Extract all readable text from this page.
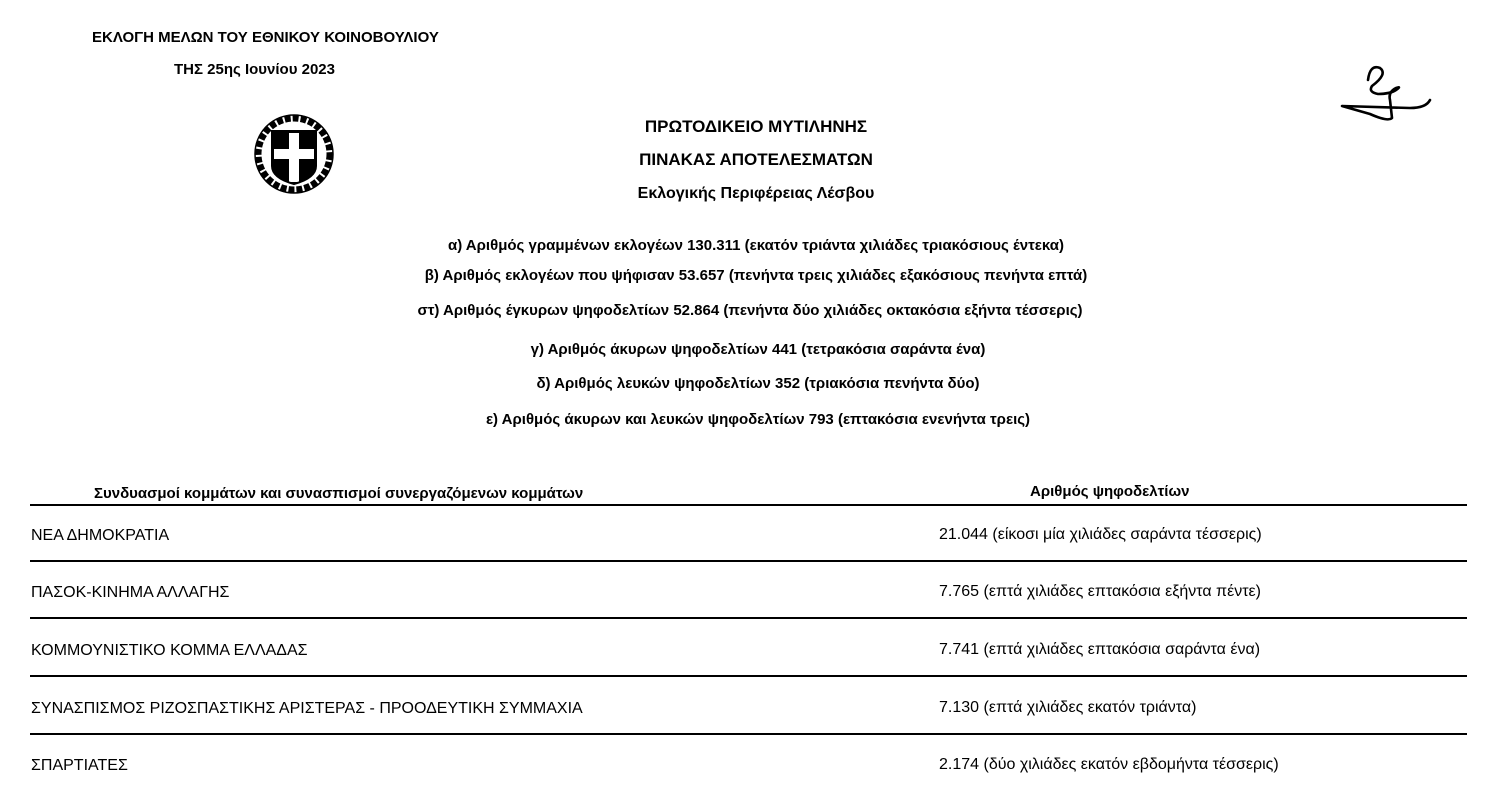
ΕΚΛΟΓΗ ΜΕΛΩΝ ΤΟΥ ΕΘΝΙΚΟΥ ΚΟΙΝΟΒΟΥΛΙΟΥ
ΤΗΣ 25ης Ιουνίου 2023
ΠΡΩΤΟΔΙΚΕΙΟ ΜΥΤΙΛΗΝΗΣ
ΠΙΝΑΚΑΣ ΑΠΟΤΕΛΕΣΜΑΤΩΝ
Εκλογικής Περιφέρειας Λέσβου
α) Αριθμός γραμμένων εκλογέων 130.311 (εκατόν τριάντα χιλιάδες τριακόσιους έντεκα)
β) Αριθμός εκλογέων που ψήφισαν 53.657 (πενήντα τρεις χιλιάδες εξακόσιους πενήντα επτά)
στ) Αριθμός έγκυρων ψηφοδελτίων 52.864 (πενήντα δύο χιλιάδες οκτακόσια εξήντα τέσσερις)
γ) Αριθμός άκυρων ψηφοδελτίων 441 (τετρακόσια σαράντα ένα)
δ) Αριθμός λευκών ψηφοδελτίων 352 (τριακόσια πενήντα δύο)
ε) Αριθμός άκυρων και λευκών ψηφοδελτίων 793 (επτακόσια ενενήντα τρεις)
Συνδυασμοί κομμάτων και συνασπισμοί συνεργαζόμενων κομμάτων	Αριθμός ψηφοδελτίων
ΝΕΑ ΔΗΜΟΚΡΑΤΙΑ	21.044 (είκοσι μία χιλιάδες σαράντα τέσσερις)
ΠΑΣΟΚ-ΚΙΝΗΜΑ ΑΛΛΑΓΗΣ	7.765 (επτά χιλιάδες επτακόσια εξήντα πέντε)
ΚΟΜΜΟΥΝΙΣΤΙΚΟ ΚΟΜΜΑ ΕΛΛΑΔΑΣ	7.741 (επτά χιλιάδες επτακόσια σαράντα ένα)
ΣΥΝΑΣΠΙΣΜΟΣ ΡΙΖΟΣΠΑΣΤΙΚΗΣ ΑΡΙΣΤΕΡΑΣ - ΠΡΟΟΔΕΥΤΙΚΗ ΣΥΜΜΑΧΙΑ	7.130 (επτά χιλιάδες εκατόν τριάντα)
ΣΠΑΡΤΙΑΤΕΣ	2.174 (δύο χιλιάδες εκατόν εβδομήντα τέσσερις)
